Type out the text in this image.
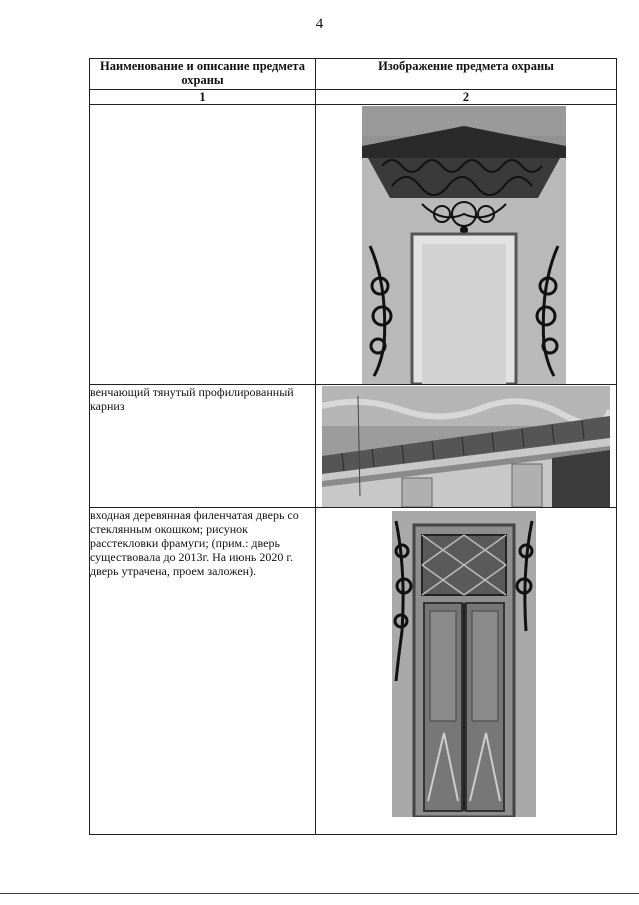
4
Наименование и описание предмета охраны	Изображение предмета охраны
1	2

венчающий тянутый профилированный карниз	

входная деревянная филенчатая дверь со стеклянным окошком; рисунок расстекловки фрамуги; (прим.: дверь существовала до 2013г. На июнь 2020 г. дверь утрачена, проем заложен).	
